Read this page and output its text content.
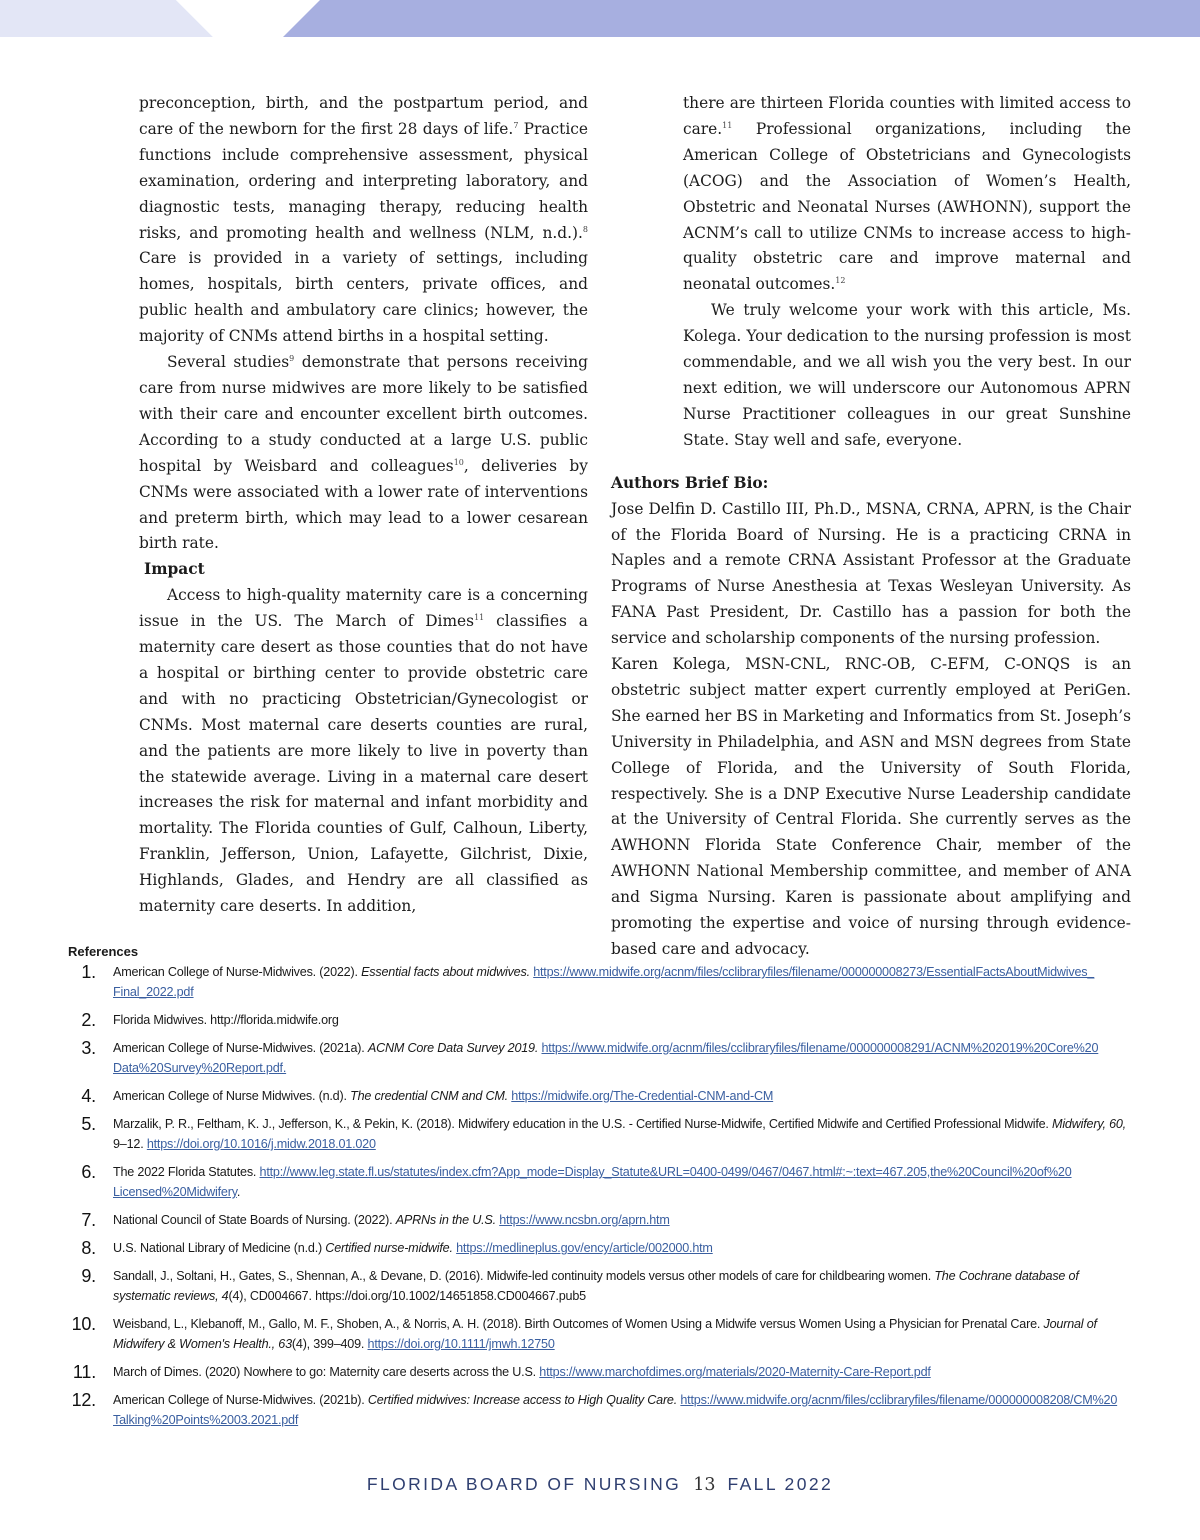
preconception, birth, and the postpartum period, and care of the newborn for the first 28 days of life.$^7$ Practice functions include comprehensive assessment, physical examination, ordering and interpreting laboratory, and diagnostic tests, managing therapy, reducing health risks, and promoting health and wellness (NLM, n.d.).$^8$ Care is provided in a variety of settings, including homes, hospitals, birth centers, private offices, and public health and ambulatory care clinics; however, the majority of CNMs attend births in a hospital setting.

Several studies$^9$ demonstrate that persons receiving care from nurse midwives are more likely to be satisfied with their care and encounter excellent birth outcomes. According to a study conducted at a large U.S. public hospital by Weisbard and colleagues$^{10}$, deliveries by CNMs were associated with a lower rate of interventions and preterm birth, which may lead to a lower cesarean birth rate.

Impact

Access to high-quality maternity care is a concerning issue in the US. The March of Dimes$^{11}$ classifies a maternity care desert as those counties that do not have a hospital or birthing center to provide obstetric care and with no practicing Obstetrician/Gynecologist or CNMs. Most maternal care deserts counties are rural, and the patients are more likely to live in poverty than the statewide average. Living in a maternal care desert increases the risk for maternal and infant morbidity and mortality. The Florida counties of Gulf, Calhoun, Liberty, Franklin, Jefferson, Union, Lafayette, Gilchrist, Dixie, Highlands, Glades, and Hendry are all classified as maternity care deserts. In addition,

there are thirteen Florida counties with limited access to care.$^{11}$ Professional organizations, including the American College of Obstetricians and Gynecologists (ACOG) and the Association of Women’s Health, Obstetric and Neonatal Nurses (AWHONN), support the ACNM’s call to utilize CNMs to increase access to high-quality obstetric care and improve maternal and neonatal outcomes.$^{12}$

We truly welcome your work with this article, Ms. Kolega. Your dedication to the nursing profession is most commendable, and we all wish you the very best. In our next edition, we will underscore our Autonomous APRN Nurse Practitioner colleagues in our great Sunshine State. Stay well and safe, everyone.

Authors Brief Bio:

Jose Delfin D. Castillo III, Ph.D., MSNA, CRNA, APRN, is the Chair of the Florida Board of Nursing. He is a practicing CRNA in Naples and a remote CRNA Assistant Professor at the Graduate Programs of Nurse Anesthesia at Texas Wesleyan University. As FANA Past President, Dr. Castillo has a passion for both the service and scholarship components of the nursing profession.

Karen Kolega, MSN-CNL, RNC-OB, C-EFM, C-ONQS is an obstetric subject matter expert currently employed at PeriGen. She earned her BS in Marketing and Informatics from St. Joseph’s University in Philadelphia, and ASN and MSN degrees from State College of Florida, and the University of South Florida, respectively. She is a DNP Executive Nurse Leadership candidate at the University of Central Florida. She currently serves as the AWHONN Florida State Conference Chair, member of the AWHONN National Membership committee, and member of ANA and Sigma Nursing. Karen is passionate about amplifying and promoting the expertise and voice of nursing through evidence-based care and advocacy.

References
1. American College of Nurse-Midwives. (2022). Essential facts about midwives. https://www.midwife.org/acnm/files/cclibraryfiles/filename/000000008273/EssentialFactsAboutMidwives_ Final_2022.pdf
2. Florida Midwives. http://florida.midwife.org
3. American College of Nurse-Midwives. (2021a). ACNM Core Data Survey 2019. https://www.midwife.org/acnm/files/cclibraryfiles/filename/000000008291/ACNM%202019%20Core%20 Data%20Survey%20Report.pdf.
4. American College of Nurse Midwives. (n.d). The credential CNM and CM. https://midwife.org/The-Credential-CNM-and-CM
5. Marzalik, P. R., Feltham, K. J., Jefferson, K., & Pekin, K. (2018). Midwifery education in the U.S. - Certified Nurse-Midwife, Certified Midwife and Certified Professional Midwife. Midwifery, 60, 9–12. https://doi.org/10.1016/j.midw.2018.01.020
6. The 2022 Florida Statutes. http://www.leg.state.fl.us/statutes/index.cfm?App_mode=Display_Statute&URL=0400-0499/0467/0467.html#:~:text=467.205,the%20Council%20of%20 Licensed%20Midwifery.
7. National Council of State Boards of Nursing. (2022). APRNs in the U.S. https://www.ncsbn.org/aprn.htm
8. U.S. National Library of Medicine (n.d.) Certified nurse-midwife. https://medlineplus.gov/ency/article/002000.htm
9. Sandall, J., Soltani, H., Gates, S., Shennan, A., & Devane, D. (2016). Midwife-led continuity models versus other models of care for childbearing women. The Cochrane database of systematic reviews, 4(4), CD004667. https://doi.org/10.1002/14651858.CD004667.pub5
10. Weisband, L., Klebanoff, M., Gallo, M. F., Shoben, A., & Norris, A. H. (2018). Birth Outcomes of Women Using a Midwife versus Women Using a Physician for Prenatal Care. Journal of Midwifery & Women's Health., 63(4), 399–409. https://doi.org/10.1111/jmwh.12750
11. March of Dimes. (2020) Nowhere to go: Maternity care deserts across the U.S. https://www.marchofdimes.org/materials/2020-Maternity-Care-Report.pdf
12. American College of Nurse-Midwives. (2021b). Certified midwives: Increase access to High Quality Care. https://www.midwife.org/acnm/files/cclibraryfiles/filename/000000008208/CM%20 Talking%20Points%2003.2021.pdf
FLORIDA BOARD OF NURSING 13 FALL 2022
